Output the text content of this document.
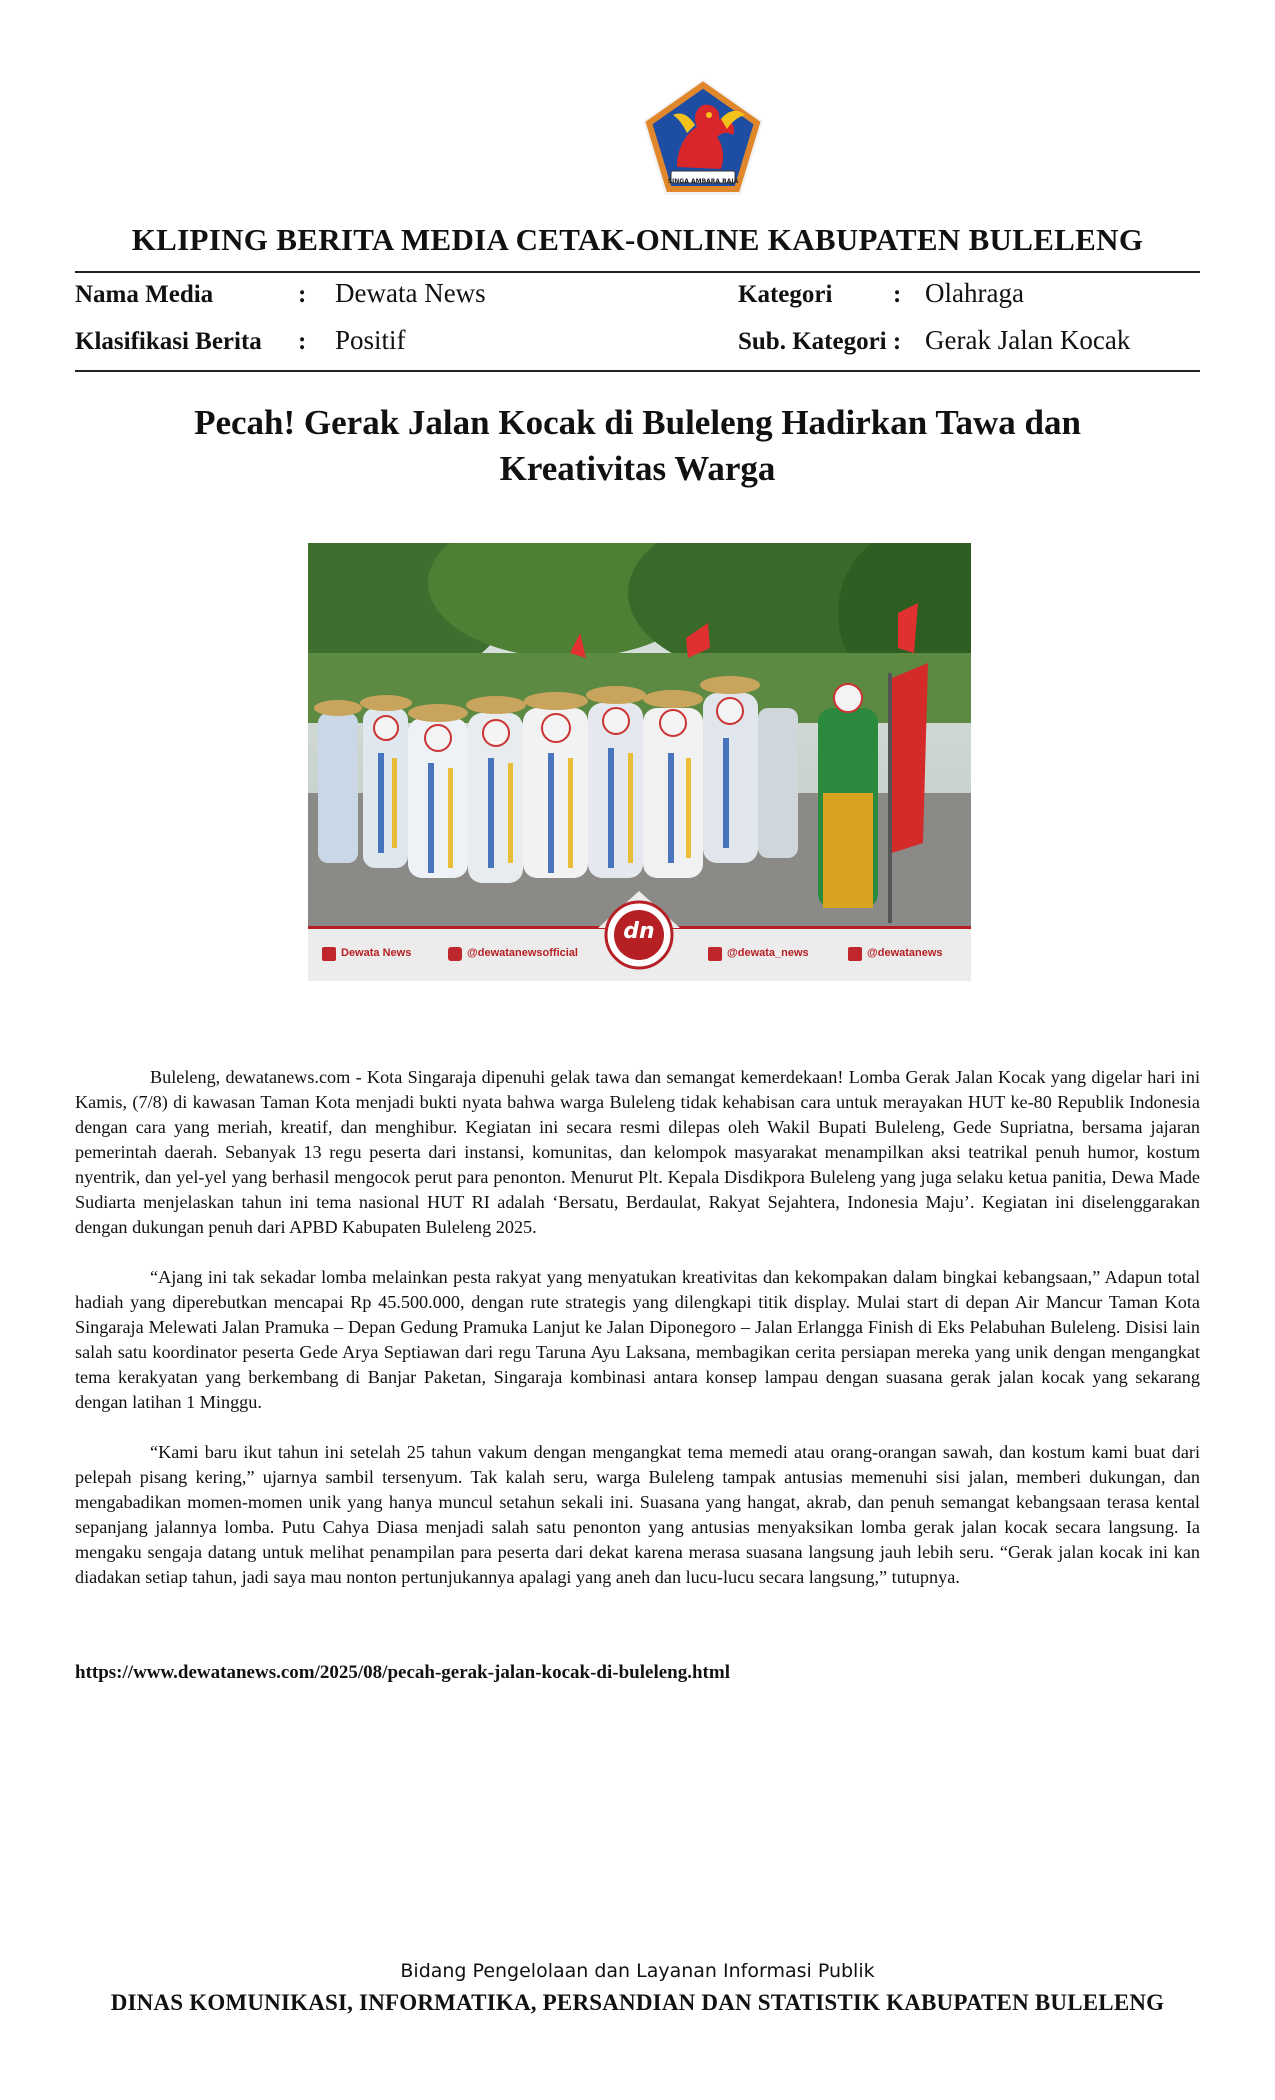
SINGA AMBARA RAJA
KLIPING BERITA MEDIA CETAK-ONLINE KABUPATEN BULELENG
Nama Media	: Dewata News	Kategori : Olahraga
Klasifikasi Berita : Positif	Sub. Kategori : Gerak Jalan Kocak
Pecah! Gerak Jalan Kocak di Buleleng Hadirkan Tawa dan
Kreativitas Warga
dn
Dewata News	@dewatanewsofficial	@dewata_news	@dewatanews

Buleleng, dewatanews.com - Kota Singaraja dipenuhi gelak tawa dan semangat kemerdekaan! Lomba Gerak Jalan Kocak yang digelar hari ini Kamis, (7/8) di kawasan Taman Kota menjadi bukti nyata bahwa warga Buleleng tidak kehabisan cara untuk merayakan HUT ke-80 Republik Indonesia dengan cara yang meriah, kreatif, dan menghibur. Kegiatan ini secara resmi dilepas oleh Wakil Bupati Buleleng, Gede Supriatna, bersama jajaran pemerintah daerah. Sebanyak 13 regu peserta dari instansi, komunitas, dan kelompok masyarakat menampilkan aksi teatrikal penuh humor, kostum nyentrik, dan yel-yel yang berhasil mengocok perut para penonton. Menurut Plt. Kepala Disdikpora Buleleng yang juga selaku ketua panitia, Dewa Made Sudiarta menjelaskan tahun ini tema nasional HUT RI adalah ‘Bersatu, Berdaulat, Rakyat Sejahtera, Indonesia Maju’. Kegiatan ini diselenggarakan dengan dukungan penuh dari APBD Kabupaten Buleleng 2025.

“Ajang ini tak sekadar lomba melainkan pesta rakyat yang menyatukan kreativitas dan kekompakan dalam bingkai kebangsaan,” Adapun total hadiah yang diperebutkan mencapai Rp 45.500.000, dengan rute strategis yang dilengkapi titik display. Mulai start di depan Air Mancur Taman Kota Singaraja Melewati Jalan Pramuka – Depan Gedung Pramuka Lanjut ke Jalan Diponegoro – Jalan Erlangga Finish di Eks Pelabuhan Buleleng. Disisi lain salah satu koordinator peserta Gede Arya Septiawan dari regu Taruna Ayu Laksana, membagikan cerita persiapan mereka yang unik dengan mengangkat tema kerakyatan yang berkembang di Banjar Paketan, Singaraja kombinasi antara konsep lampau dengan suasana gerak jalan kocak yang sekarang dengan latihan 1 Minggu.

“Kami baru ikut tahun ini setelah 25 tahun vakum dengan mengangkat tema memedi atau orang-orangan sawah, dan kostum kami buat dari pelepah pisang kering,” ujarnya sambil tersenyum. Tak kalah seru, warga Buleleng tampak antusias memenuhi sisi jalan, memberi dukungan, dan mengabadikan momen-momen unik yang hanya muncul setahun sekali ini. Suasana yang hangat, akrab, dan penuh semangat kebangsaan terasa kental sepanjang jalannya lomba. Putu Cahya Diasa menjadi salah satu penonton yang antusias menyaksikan lomba gerak jalan kocak secara langsung. Ia mengaku sengaja datang untuk melihat penampilan para peserta dari dekat karena merasa suasana langsung jauh lebih seru. “Gerak jalan kocak ini kan diadakan setiap tahun, jadi saya mau nonton pertunjukannya apalagi yang aneh dan lucu-lucu secara langsung,” tutupnya.

https://www.dewatanews.com/2025/08/pecah-gerak-jalan-kocak-di-buleleng.html
Bidang Pengelolaan dan Layanan Informasi Publik
DINAS KOMUNIKASI, INFORMATIKA, PERSANDIAN DAN STATISTIK KABUPATEN BULELENG
